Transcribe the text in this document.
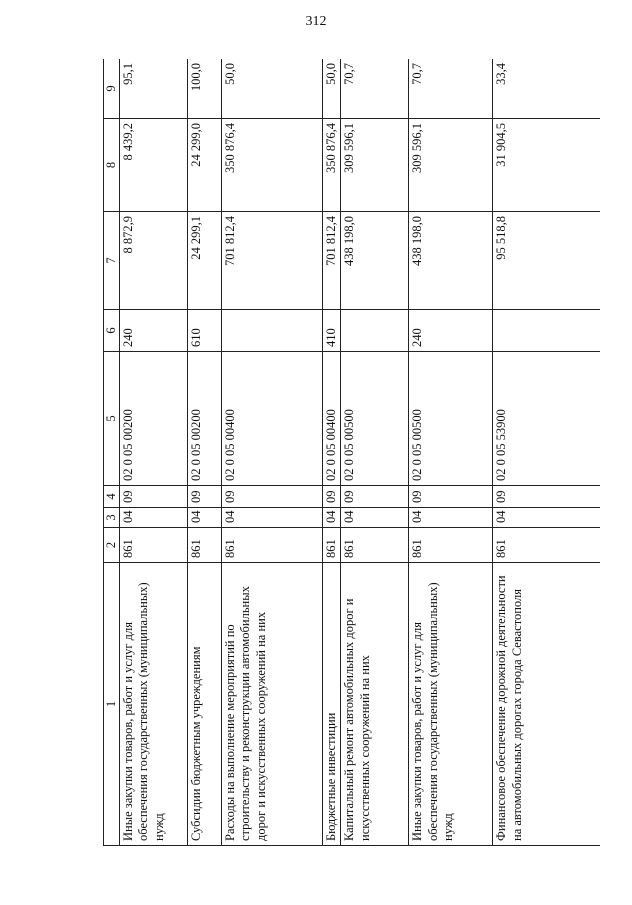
312
1	2	3	4	5	6	7	8	9
Иные закупки товаров, работ и услуг для обеспечения государственных (муниципальных) нужд	861	04	09	02 0 05 00200	240	8 872,9	8 439,2	95,1
Субсидии бюджетным учреждениям	861	04	09	02 0 05 00200	610	24 299,1	24 299,0	100,0
Расходы на выполнение мероприятий по строительству и реконструкции автомобильных дорог и искусственных сооружений на них	861	04	09	02 0 05 00400		701 812,4	350 876,4	50,0
Бюджетные инвестиции	861	04	09	02 0 05 00400	410	701 812,4	350 876,4	50,0
Капитальный ремонт автомобильных дорог и искусственных сооружений на них	861	04	09	02 0 05 00500		438 198,0	309 596,1	70,7
Иные закупки товаров, работ и услуг для обеспечения государственных (муниципальных) нужд	861	04	09	02 0 05 00500	240	438 198,0	309 596,1	70,7
Финансовое обеспечение дорожной деятельности на автомобильных дорогах города Севастополя	861	04	09	02 0 05 53900		95 518,8	31 904,5	33,4
